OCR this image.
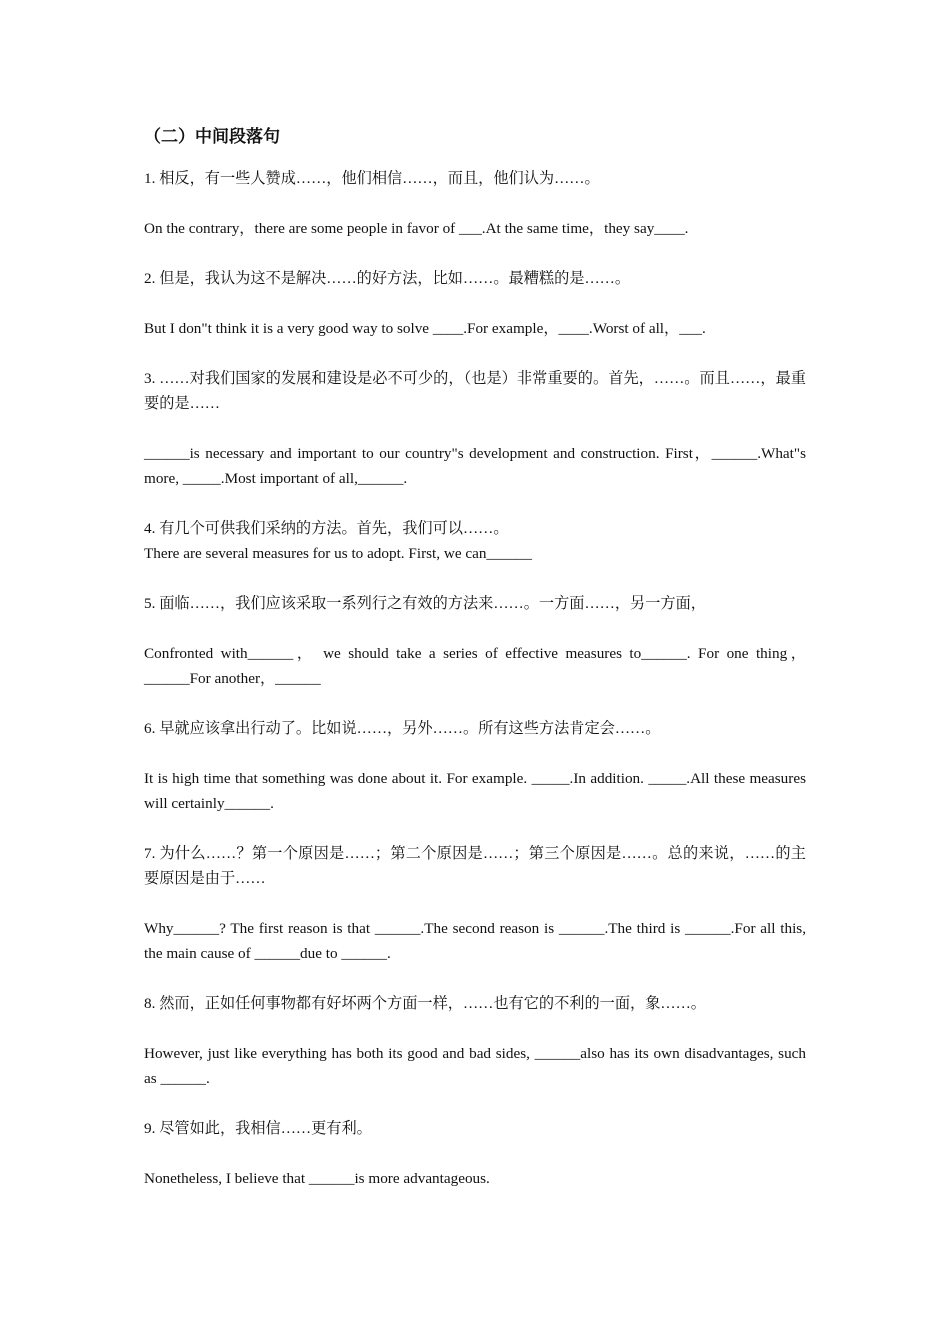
（二）中间段落句
1. 相反，有一些人赞成……，他们相信……，而且，他们认为……。
On the contrary，there are some people in favor of ___.At the same time，they say____.
2. 但是，我认为这不是解决……的好方法，比如……。最糟糕的是……。
But I don"t think it is a very good way to solve ____.For example，____.Worst of all，___.
3. ……对我们国家的发展和建设是必不可少的，（也是）非常重要的。首先，……。而且……，最重要的是……
______is necessary and important to our country"s development and construction. First，______.What"s more, _____.Most important of all,______.
4. 有几个可供我们采纳的方法。首先，我们可以……。
There are several measures for us to adopt. First, we can______
5. 面临……，我们应该采取一系列行之有效的方法来……。一方面……，另一方面，
Confronted with______， we should take a series of effective measures to______. For one thing，______For another，______
6. 早就应该拿出行动了。比如说……，另外……。所有这些方法肯定会……。
It is high time that something was done about it. For example. _____.In addition. _____.All these measures will certainly______.
7. 为什么……？第一个原因是……；第二个原因是……；第三个原因是……。总的来说，……的主要原因是由于……
Why______? The first reason is that ______.The second reason is ______.The third is ______.For all this, the main cause of ______due to ______.
8. 然而，正如任何事物都有好坏两个方面一样，……也有它的不利的一面，象……。
However, just like everything has both its good and bad sides, ______also has its own disadvantages, such as ______.
9. 尽管如此，我相信……更有利。
Nonetheless, I believe that ______is more advantageous.
